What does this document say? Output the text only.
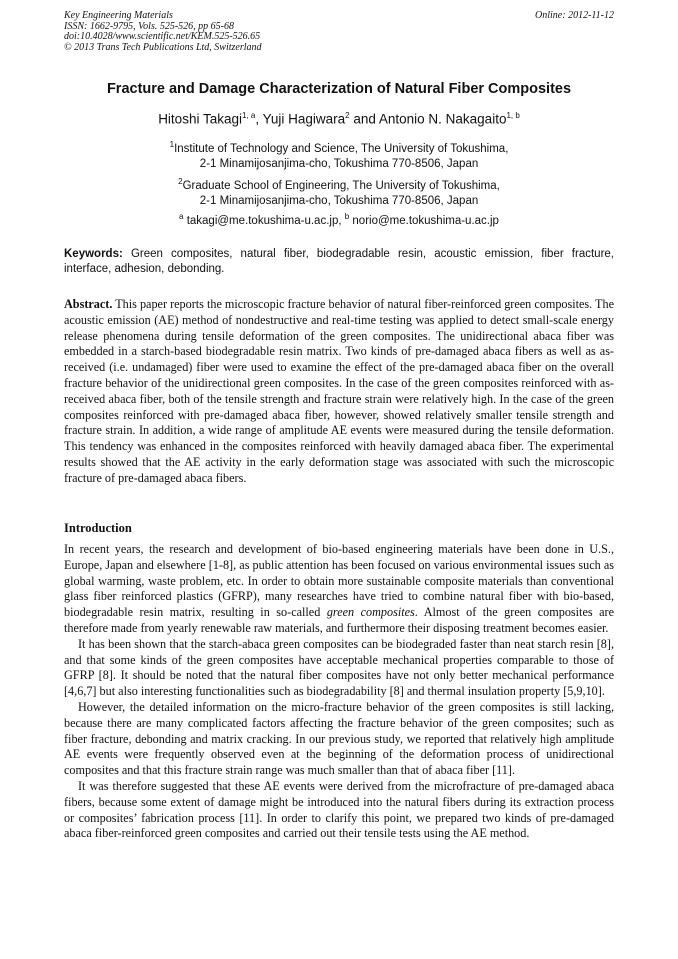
Key Engineering Materials
ISSN: 1662-9795, Vols. 525-526, pp 65-68
doi:10.4028/www.scientific.net/KEM.525-526.65
© 2013 Trans Tech Publications Ltd, Switzerland
Online: 2012-11-12
Fracture and Damage Characterization of Natural Fiber Composites
Hitoshi Takagi$^{1, a}$, Yuji Hagiwara$^2$ and Antonio N. Nakagaito$^{1, b}$
$^1$Institute of Technology and Science, The University of Tokushima,
2-1 Minamijosanjima-cho, Tokushima 770-8506, Japan
$^2$Graduate School of Engineering, The University of Tokushima,
2-1 Minamijosanjima-cho, Tokushima 770-8506, Japan
$^a$ takagi@me.tokushima-u.ac.jp, $^b$ norio@me.tokushima-u.ac.jp
Keywords: Green composites, natural fiber, biodegradable resin, acoustic emission, fiber fracture, interface, adhesion, debonding.
Abstract. This paper reports the microscopic fracture behavior of natural fiber-reinforced green composites. The acoustic emission (AE) method of nondestructive and real-time testing was applied to detect small-scale energy release phenomena during tensile deformation of the green composites. The unidirectional abaca fiber was embedded in a starch-based biodegradable resin matrix. Two kinds of pre-damaged abaca fibers as well as as-received (i.e. undamaged) fiber were used to examine the effect of the pre-damaged abaca fiber on the overall fracture behavior of the unidirectional green composites. In the case of the green composites reinforced with as-received abaca fiber, both of the tensile strength and fracture strain were relatively high. In the case of the green composites reinforced with pre-damaged abaca fiber, however, showed relatively smaller tensile strength and fracture strain. In addition, a wide range of amplitude AE events were measured during the tensile deformation. This tendency was enhanced in the composites reinforced with heavily damaged abaca fiber. The experimental results showed that the AE activity in the early deformation stage was associated with such the microscopic fracture of pre-damaged abaca fibers.
Introduction

In recent years, the research and development of bio-based engineering materials have been done in U.S., Europe, Japan and elsewhere [1-8], as public attention has been focused on various environmental issues such as global warming, waste problem, etc. In order to obtain more sustainable composite materials than conventional glass fiber reinforced plastics (GFRP), many researches have tried to combine natural fiber with bio-based, biodegradable resin matrix, resulting in so-called green composites. Almost of the green composites are therefore made from yearly renewable raw materials, and furthermore their disposing treatment becomes easier.

It has been shown that the starch-abaca green composites can be biodegraded faster than neat starch resin [8], and that some kinds of the green composites have acceptable mechanical properties comparable to those of GFRP [8]. It should be noted that the natural fiber composites have not only better mechanical performance [4,6,7] but also interesting functionalities such as biodegradability [8] and thermal insulation property [5,9,10].

However, the detailed information on the micro-fracture behavior of the green composites is still lacking, because there are many complicated factors affecting the fracture behavior of the green composites; such as fiber fracture, debonding and matrix cracking. In our previous study, we reported that relatively high amplitude AE events were frequently observed even at the beginning of the deformation process of unidirectional composites and that this fracture strain range was much smaller than that of abaca fiber [11].

It was therefore suggested that these AE events were derived from the microfracture of pre-damaged abaca fibers, because some extent of damage might be introduced into the natural fibers during its extraction process or composites’ fabrication process [11]. In order to clarify this point, we prepared two kinds of pre-damaged abaca fiber-reinforced green composites and carried out their tensile tests using the AE method.
